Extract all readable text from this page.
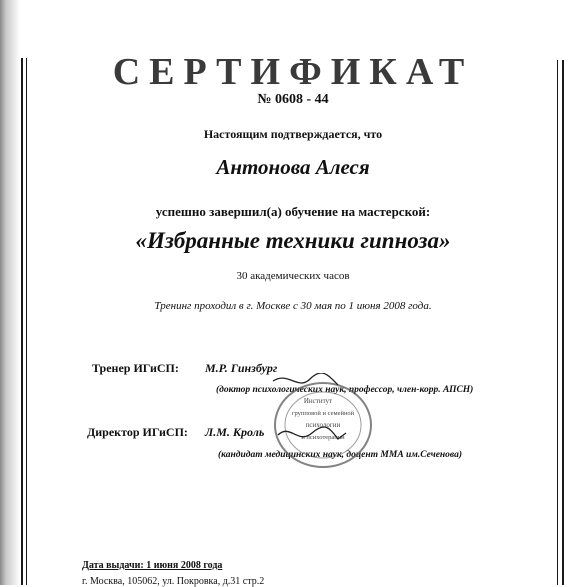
СЕРТИФИКАТ
№ 0608 - 44
Настоящим подтверждается, что
Антонова Алеся
успешно завершил(а) обучение на мастерской:
«Избранные техники гипноза»
30 академических часов
Тренинг проходил в г. Москве с 30 мая по 1 июня 2008 года.
Тренер ИГиСП: М.Р. Гинзбург
(доктор психологических наук, профессор, член-корр. АПСН)
Директор ИГиСП: Л.М. Кроль
(кандидат медицинских наук, доцент ММА им.Сеченова)
Институт
групповой и семейной
психологии
и психотерапии
Дата выдачи: 1 июня 2008 года
г. Москва, 105062, ул. Покровка, д.31 стр.2
